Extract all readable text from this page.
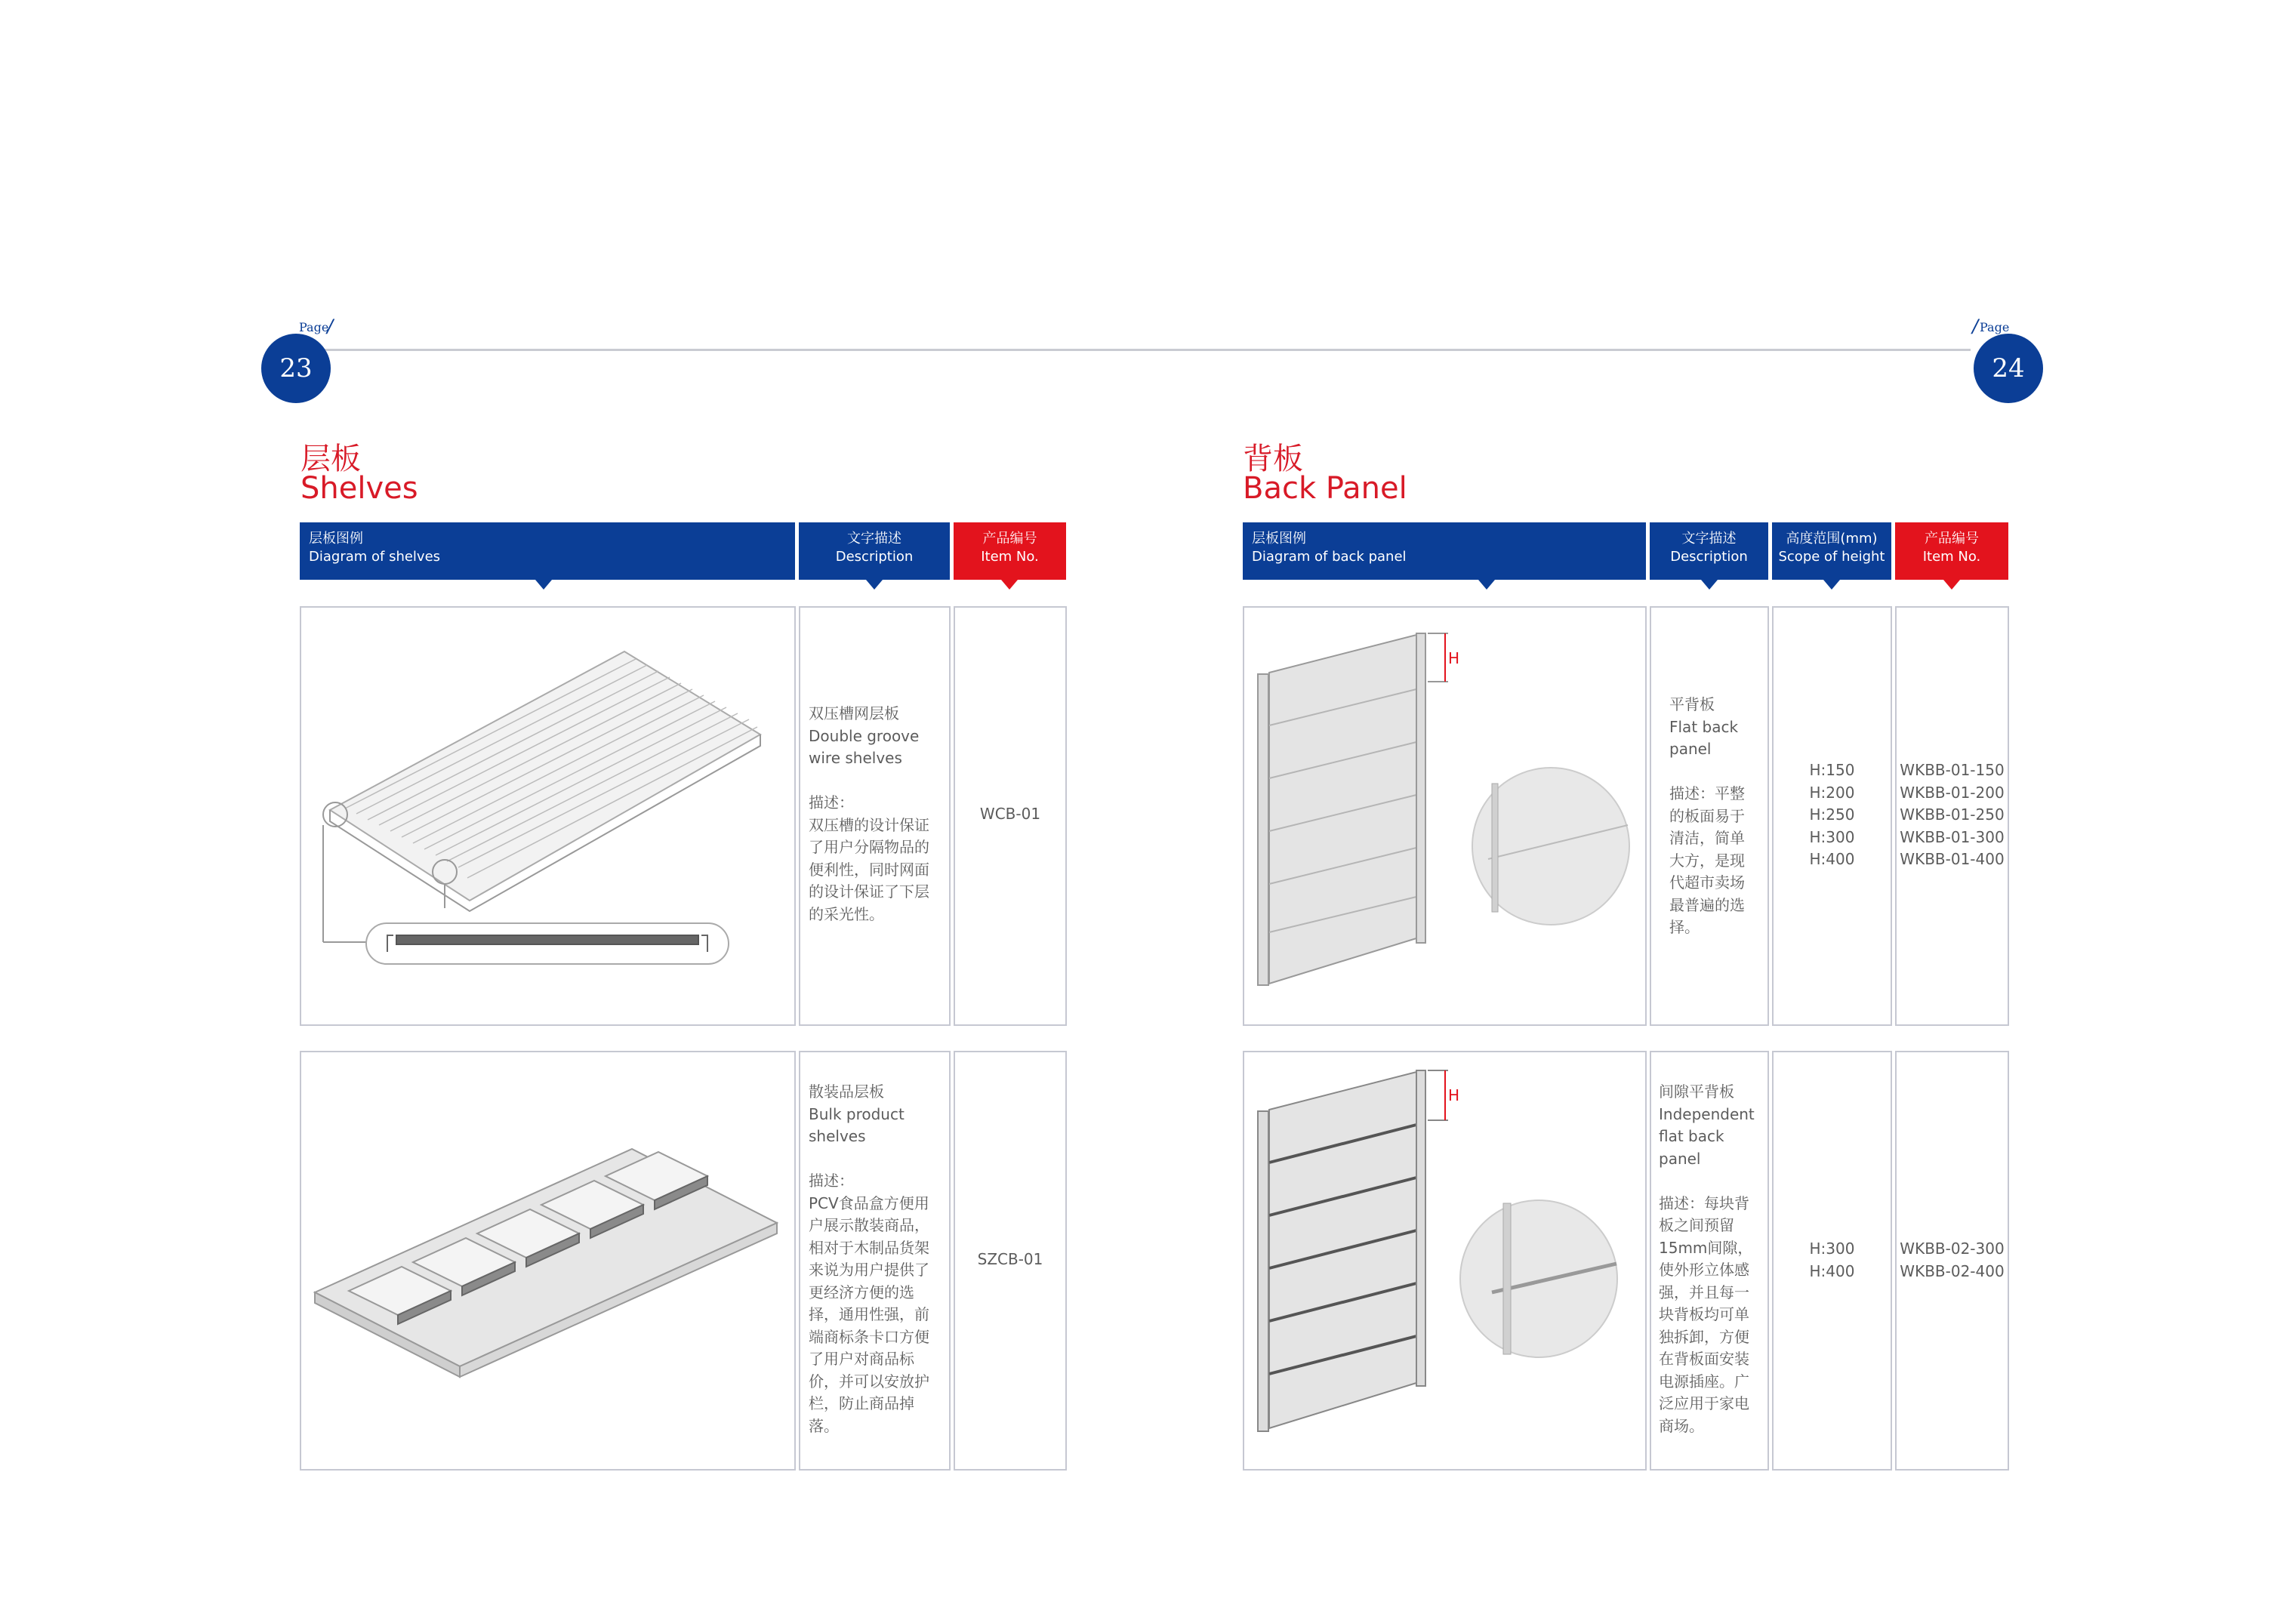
Page
/
23
/ Page
24
层板
Shelves
层板图例
Diagram of shelves
文字描述
Description
产品编号
Item No.
双压槽网层板
Double groove
wire shelves

描述：
双压槽的设计保证
了用户分隔物品的
便利性，同时网面
的设计保证了下层
的采光性。
WCB-01
散装品层板
Bulk product
shelves

描述：
PCV食品盒方便用
户展示散装商品，
相对于木制品货架
来说为用户提供了
更经济方便的选
择，通用性强，前
端商标条卡口方便
了用户对商品标
价，并可以安放护
栏，防止商品掉
落。
SZCB-01
背板
Back Panel
层板图例
Diagram of back panel
文字描述
Description
高度范围(mm)
Scope of height
产品编号
Item No.
H
平背板
Flat back
panel

描述：平整
的板面易于
清洁，简单
大方，是现
代超市卖场
最普遍的选
择。
H:150
H:200
H:250
H:300
H:400
WKBB-01-150
WKBB-01-200
WKBB-01-250
WKBB-01-300
WKBB-01-400
H	间隙平背板
Independent
flat back
panel

描述：每块背
板之间预留
15mm间隙，
使外形立体感
强，并且每一
块背板均可单
独拆卸，方便
在背板面安装
电源插座。广
泛应用于家电
商场。
H:300
H:400
WKBB-02-300
WKBB-02-400
